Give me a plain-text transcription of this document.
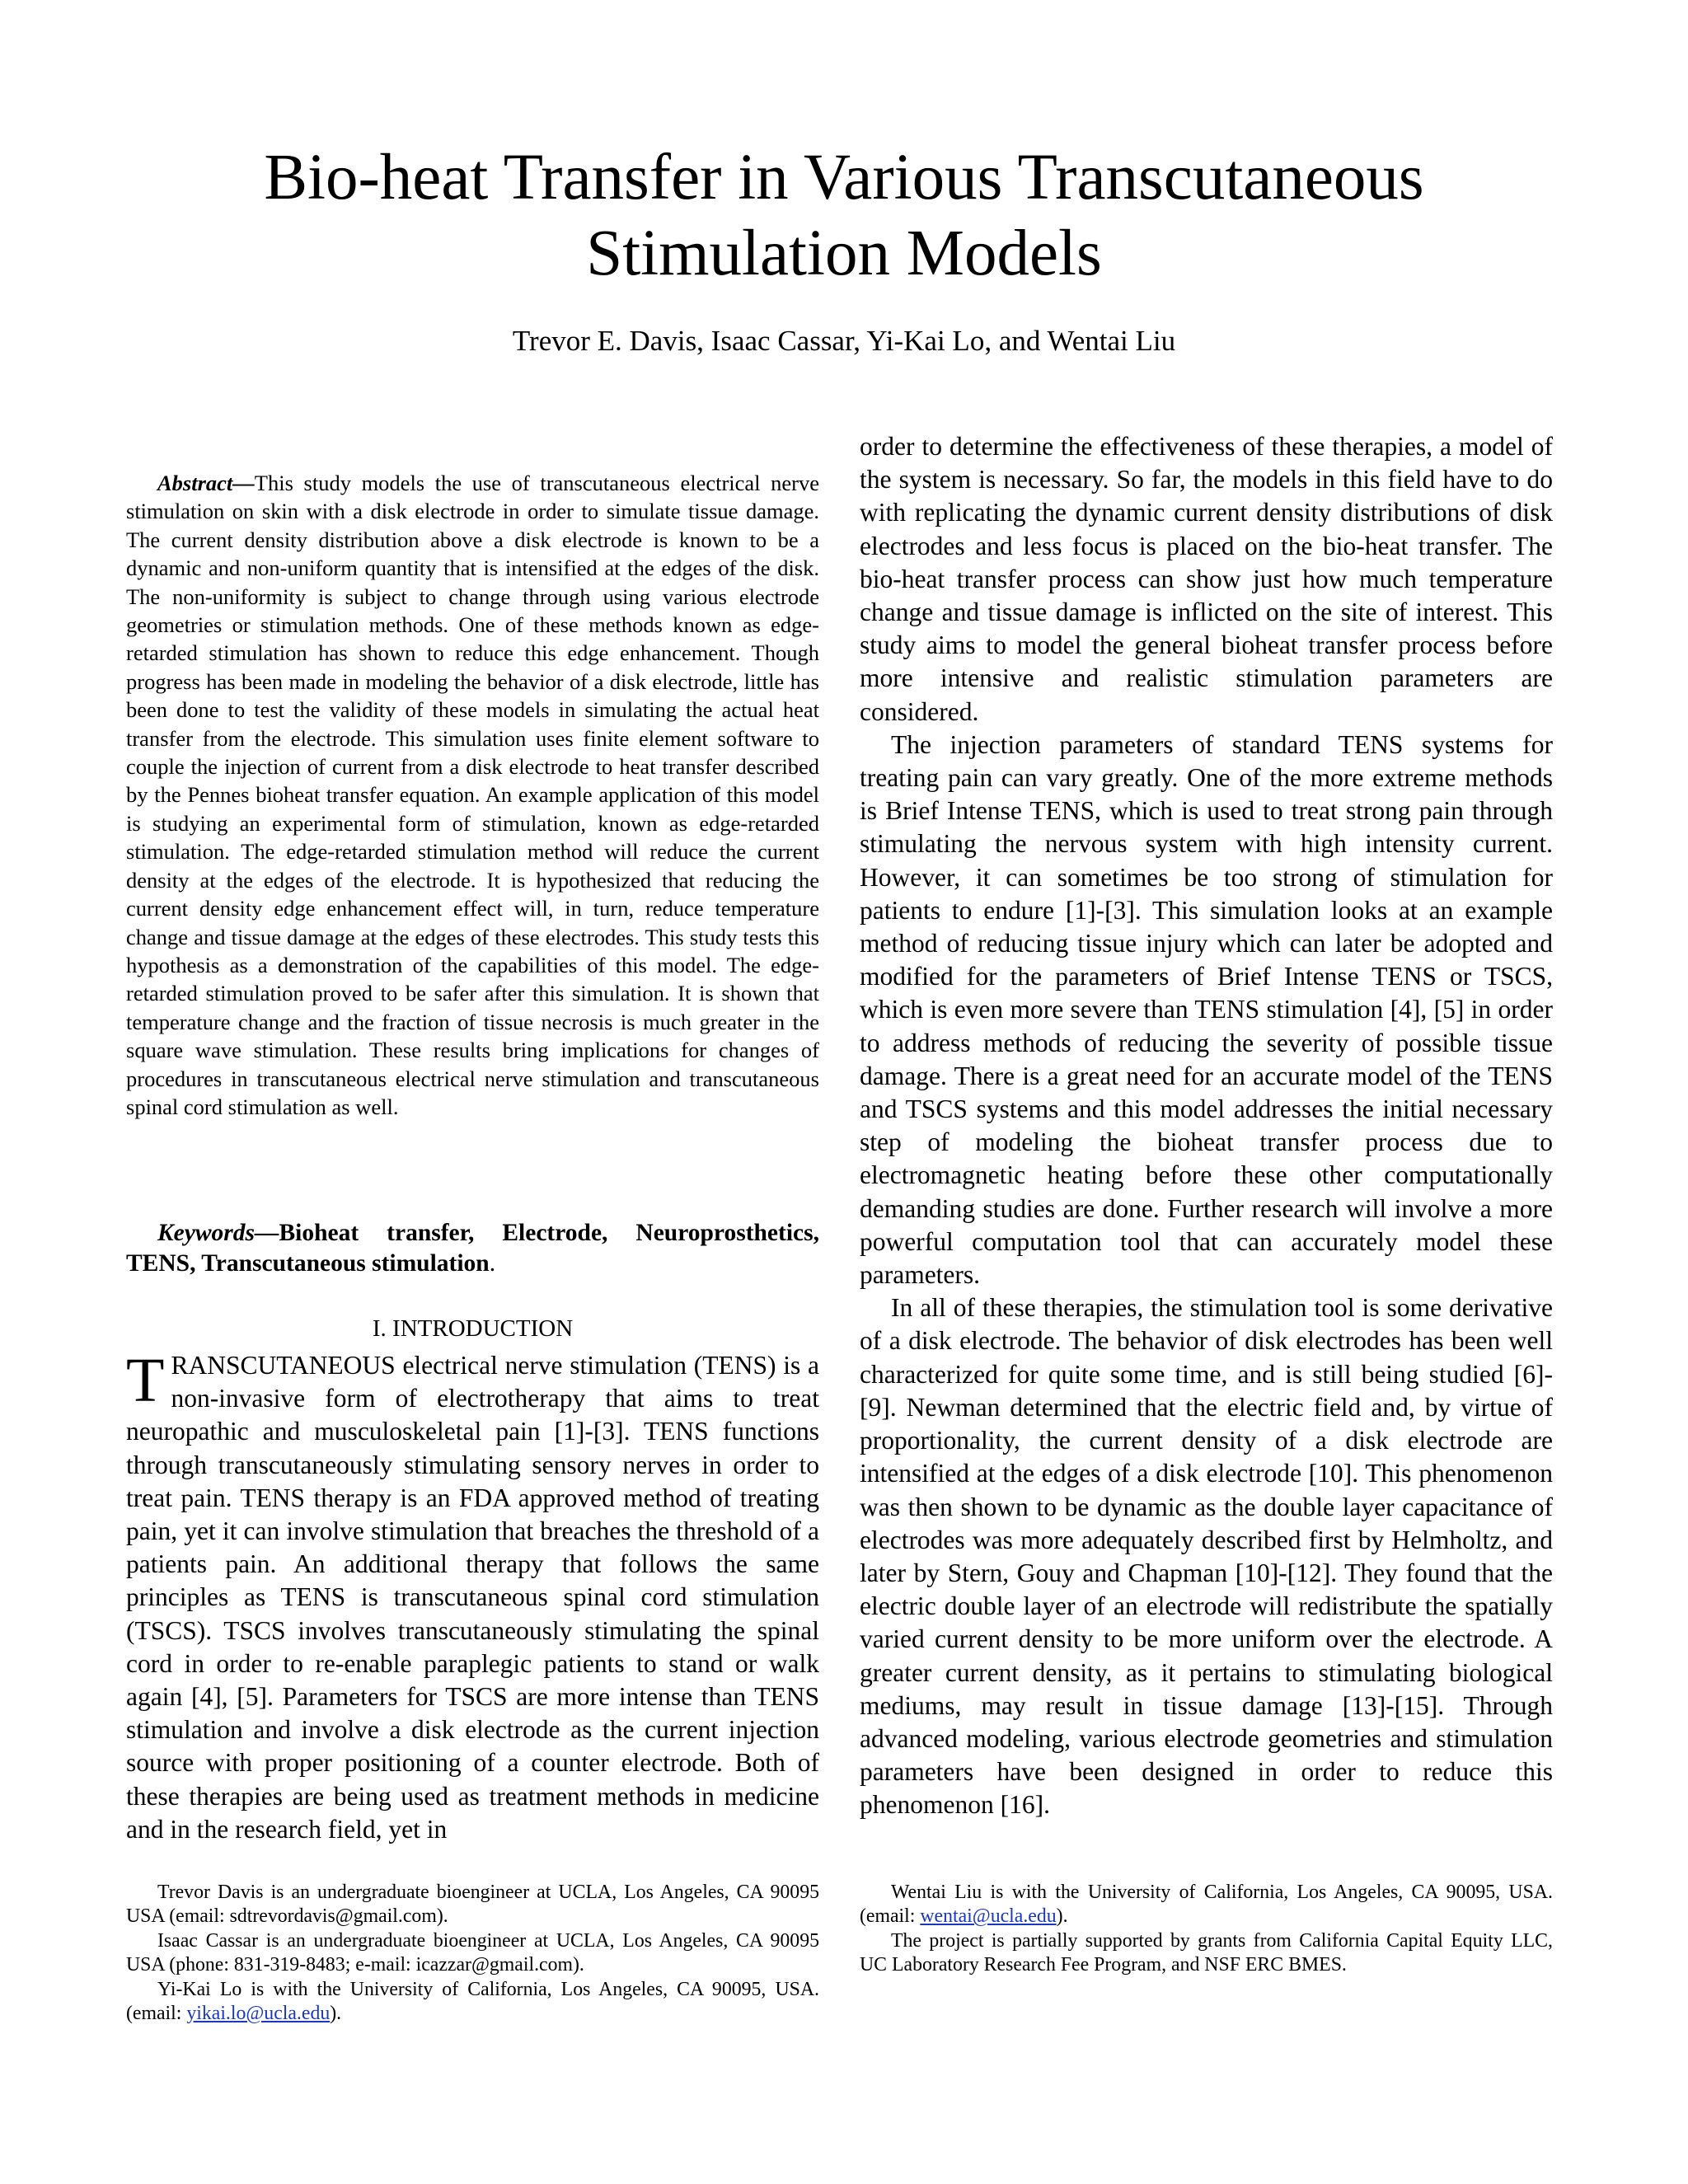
Bio-heat Transfer in Various Transcutaneous
Stimulation Models
Trevor E. Davis, Isaac Cassar, Yi-Kai Lo, and Wentai Liu

Abstract—This study models the use of transcutaneous electrical nerve stimulation on skin with a disk electrode in order to simulate tissue damage. The current density distribution above a disk electrode is known to be a dynamic and non-uniform quantity that is intensified at the edges of the disk. The non-uniformity is subject to change through using various electrode geometries or stimulation methods. One of these methods known as edge-retarded stimulation has shown to reduce this edge enhancement. Though progress has been made in modeling the behavior of a disk electrode, little has been done to test the validity of these models in simulating the actual heat transfer from the electrode. This simulation uses finite element software to couple the injection of current from a disk electrode to heat transfer described by the Pennes bioheat transfer equation. An example application of this model is studying an experimental form of stimulation, known as edge-retarded stimulation. The edge-retarded stimulation method will reduce the current density at the edges of the electrode. It is hypothesized that reducing the current density edge enhancement effect will, in turn, reduce temperature change and tissue damage at the edges of these electrodes. This study tests this hypothesis as a demonstration of the capabilities of this model. The edge-retarded stimulation proved to be safer after this simulation. It is shown that temperature change and the fraction of tissue necrosis is much greater in the square wave stimulation. These results bring implications for changes of procedures in transcutaneous electrical nerve stimulation and transcutaneous spinal cord stimulation as well.

Keywords—Bioheat transfer, Electrode, Neuroprosthetics, TENS, Transcutaneous stimulation.

I. INTRODUCTION

TRANSCUTANEOUS electrical nerve stimulation (TENS) is a non-invasive form of electrotherapy that aims to treat neuropathic and musculoskeletal pain [1]-[3]. TENS functions through transcutaneously stimulating sensory nerves in order to treat pain. TENS therapy is an FDA approved method of treating pain, yet it can involve stimulation that breaches the threshold of a patients pain. An additional therapy that follows the same principles as TENS is transcutaneous spinal cord stimulation (TSCS). TSCS involves transcutaneously stimulating the spinal cord in order to re-enable paraplegic patients to stand or walk again [4], [5]. Parameters for TSCS are more intense than TENS stimulation and involve a disk electrode as the current injection source with proper positioning of a counter electrode. Both of these therapies are being used as treatment methods in medicine and in the research field, yet in

order to determine the effectiveness of these therapies, a model of the system is necessary. So far, the models in this field have to do with replicating the dynamic current density distributions of disk electrodes and less focus is placed on the bio-heat transfer. The bio-heat transfer process can show just how much temperature change and tissue damage is inflicted on the site of interest. This study aims to model the general bioheat transfer process before more intensive and realistic stimulation parameters are considered.

The injection parameters of standard TENS systems for treating pain can vary greatly. One of the more extreme methods is Brief Intense TENS, which is used to treat strong pain through stimulating the nervous system with high intensity current. However, it can sometimes be too strong of stimulation for patients to endure [1]-[3]. This simulation looks at an example method of reducing tissue injury which can later be adopted and modified for the parameters of Brief Intense TENS or TSCS, which is even more severe than TENS stimulation [4], [5] in order to address methods of reducing the severity of possible tissue damage. There is a great need for an accurate model of the TENS and TSCS systems and this model addresses the initial necessary step of modeling the bioheat transfer process due to electromagnetic heating before these other computationally demanding studies are done. Further research will involve a more powerful computation tool that can accurately model these parameters.

In all of these therapies, the stimulation tool is some derivative of a disk electrode. The behavior of disk electrodes has been well characterized for quite some time, and is still being studied [6]-[9]. Newman determined that the electric field and, by virtue of proportionality, the current density of a disk electrode are intensified at the edges of a disk electrode [10]. This phenomenon was then shown to be dynamic as the double layer capacitance of electrodes was more adequately described first by Helmholtz, and later by Stern, Gouy and Chapman [10]-[12]. They found that the electric double layer of an electrode will redistribute the spatially varied current density to be more uniform over the electrode. A greater current density, as it pertains to stimulating biological mediums, may result in tissue damage [13]-[15]. Through advanced modeling, various electrode geometries and stimulation parameters have been designed in order to reduce this phenomenon [16].

Trevor Davis is an undergraduate bioengineer at UCLA, Los Angeles, CA 90095 USA (email: sdtrevordavis@gmail.com).

Isaac Cassar is an undergraduate bioengineer at UCLA, Los Angeles, CA 90095 USA (phone: 831-319-8483; e-mail: icazzar@gmail.com).

Yi-Kai Lo is with the University of California, Los Angeles, CA 90095, USA. (email: yikai.lo@ucla.edu).

Wentai Liu is with the University of California, Los Angeles, CA 90095, USA. (email: wentai@ucla.edu).

The project is partially supported by grants from California Capital Equity LLC, UC Laboratory Research Fee Program, and NSF ERC BMES.
